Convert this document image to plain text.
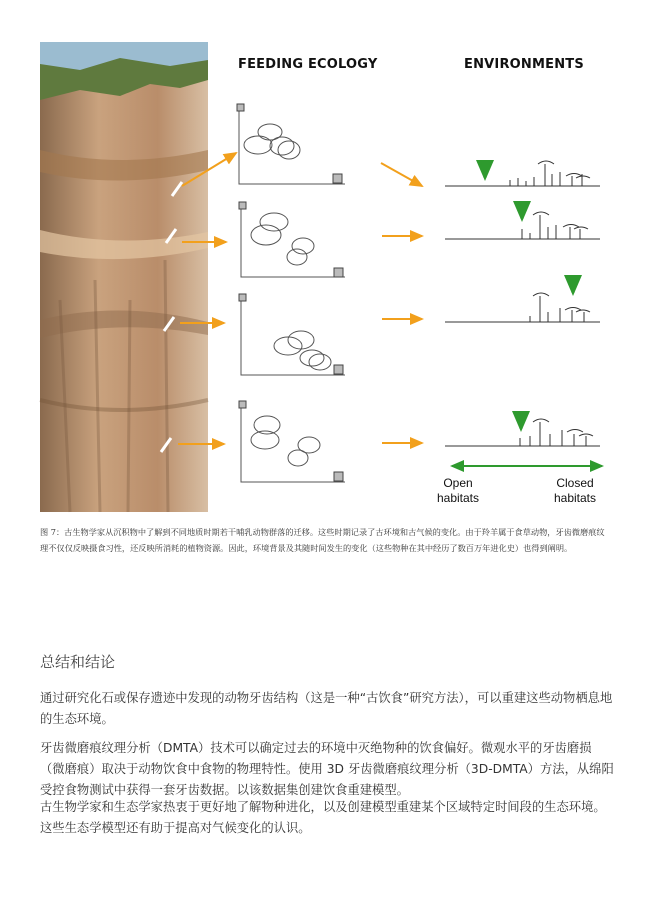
FEEDING ECOLOGY	ENVIRONMENTS
Open
habitats
Closed
habitats
图 7：古生物学家从沉积物中了解到不同地质时期若干哺乳动物群落的迁移。这些时期记录了古环境和古气候的变化。由于羚羊属于食草动物，牙齿微磨痕纹理不仅仅反映摄食习性，还反映所消耗的植物资源。因此，环境背景及其随时间发生的变化（这些物种在其中经历了数百万年进化史）也得到阐明。
总结和结论

通过研究化石或保存遗迹中发现的动物牙齿结构（这是一种“古饮食”研究方法），可以重建这些动物栖息地的生态环境。

牙齿微磨痕纹理分析（DMTA）技术可以确定过去的环境中灭绝物种的饮食偏好。微观水平的牙齿磨损（微磨痕）取决于动物饮食中食物的物理特性。使用 3D 牙齿微磨痕纹理分析（3D-DMTA）方法，从绵阳受控食物测试中获得一套牙齿数据。以该数据集创建饮食重建模型。

古生物学家和生态学家热衷于更好地了解物种进化，以及创建模型重建某个区域特定时间段的生态环境。这些生态学模型还有助于提高对气候变化的认识。
